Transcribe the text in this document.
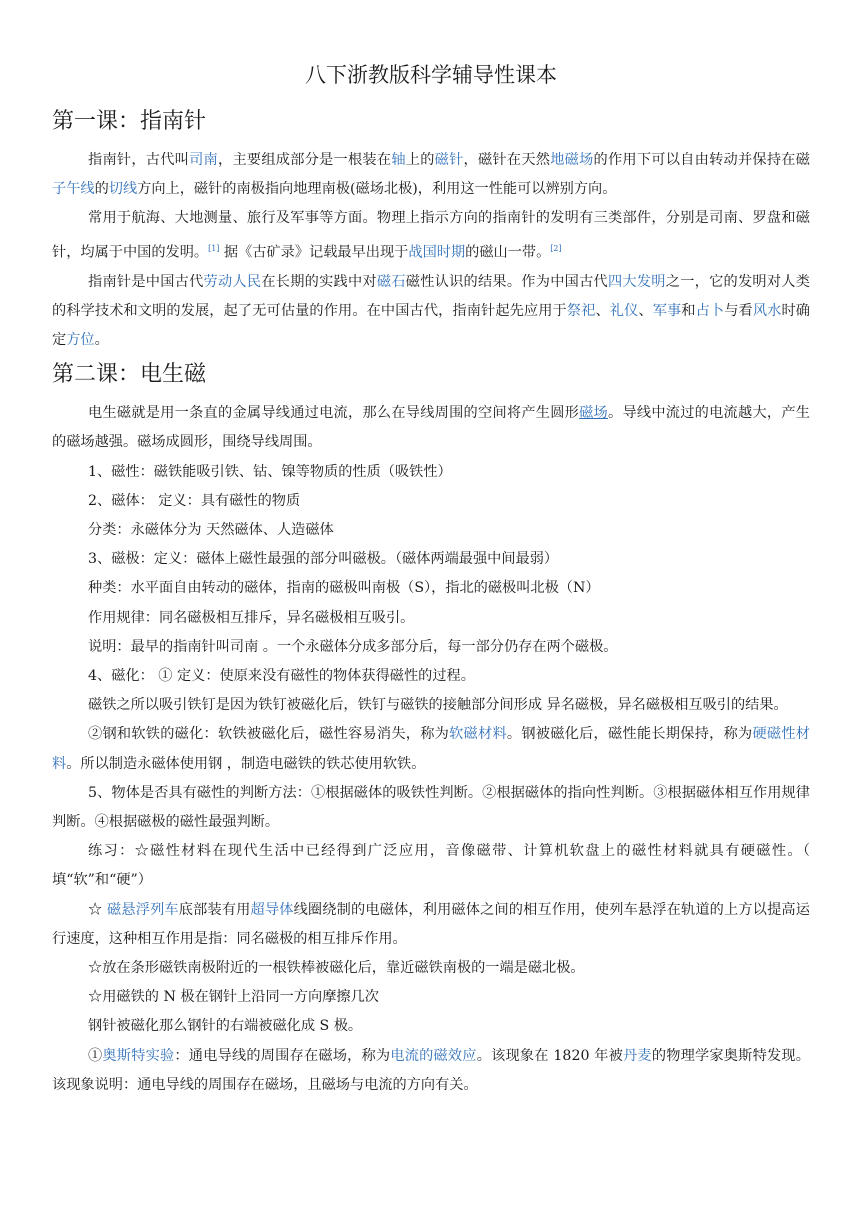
八下浙教版科学辅导性课本
第一课：指南针

指南针，古代叫司南，主要组成部分是一根装在轴上的磁针，磁针在天然地磁场的作用下可以自由转动并保持在磁子午线的切线方向上，磁针的南极指向地理南极(磁场北极)，利用这一性能可以辨别方向。

常用于航海、大地测量、旅行及军事等方面。物理上指示方向的指南针的发明有三类部件，分别是司南、罗盘和磁针，均属于中国的发明。[1] 据《古矿录》记载最早出现于战国时期的磁山一带。[2]

指南针是中国古代劳动人民在长期的实践中对磁石磁性认识的结果。作为中国古代四大发明之一，它的发明对人类的科学技术和文明的发展，起了无可估量的作用。在中国古代，指南针起先应用于祭祀、礼仪、军事和占卜与看风水时确定方位。

第二课：电生磁

电生磁就是用一条直的金属导线通过电流，那么在导线周围的空间将产生圆形磁场。导线中流过的电流越大，产生的磁场越强。磁场成圆形，围绕导线周围。

1、磁性：磁铁能吸引铁、钴、镍等物质的性质（吸铁性）

2、磁体： 定义：具有磁性的物质

分类：永磁体分为 天然磁体、人造磁体

3、磁极：定义：磁体上磁性最强的部分叫磁极。（磁体两端最强中间最弱）

种类：水平面自由转动的磁体，指南的磁极叫南极（S），指北的磁极叫北极（N）

作用规律：同名磁极相互排斥，异名磁极相互吸引。

说明：最早的指南针叫司南 。一个永磁体分成多部分后，每一部分仍存在两个磁极。

4、磁化： ① 定义：使原来没有磁性的物体获得磁性的过程。

磁铁之所以吸引铁钉是因为铁钉被磁化后，铁钉与磁铁的接触部分间形成 异名磁极，异名磁极相互吸引的结果。

②钢和软铁的磁化：软铁被磁化后，磁性容易消失，称为软磁材料。钢被磁化后，磁性能长期保持，称为硬磁性材料。所以制造永磁体使用钢 ，制造电磁铁的铁芯使用软铁。

5、物体是否具有磁性的判断方法：①根据磁体的吸铁性判断。②根据磁体的指向性判断。③根据磁体相互作用规律判断。④根据磁极的磁性最强判断。

练习：☆磁性材料在现代生活中已经得到广泛应用，音像磁带、计算机软盘上的磁性材料就具有硬磁性。（ 填“软”和“硬”）

☆ 磁悬浮列车底部装有用超导体线圈绕制的电磁体，利用磁体之间的相互作用，使列车悬浮在轨道的上方以提高运行速度，这种相互作用是指：同名磁极的相互排斥作用。

☆放在条形磁铁南极附近的一根铁棒被磁化后，靠近磁铁南极的一端是磁北极。

☆用磁铁的 N 极在钢针上沿同一方向摩擦几次

钢针被磁化那么钢针的右端被磁化成 S 极。

①奥斯特实验：通电导线的周围存在磁场，称为电流的磁效应。该现象在 1820 年被丹麦的物理学家奥斯特发现。该现象说明：通电导线的周围存在磁场，且磁场与电流的方向有关。
